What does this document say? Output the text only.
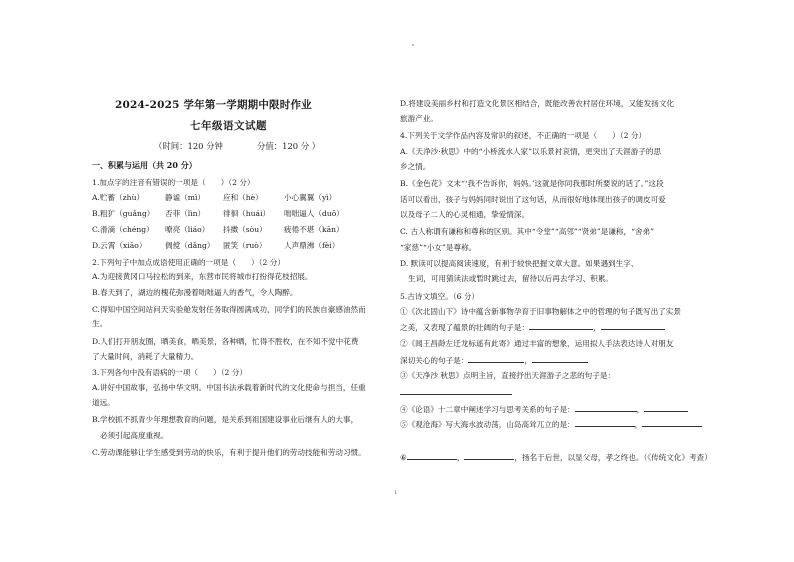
2024-2025 学年第一学期期中限时作业
七年级语文试题
（时间：120 分钟	分值：120 分 ）
一、积累与运用（共 20 分）
1.加点字的注音有错误的一项是（　　）（2 分）
A.贮蓄（zhù）	静谧（mì） 应和（hè）	小心翼翼（yì）
B.粗犷（guǎng） 否菲（lìn） 徘徊（huái） 咄咄逼人（duō）
C.滑滴（chéng） 嘹亮（liáo） 抖擞（sòu） 疲倦不堪（kān）
D.云霄（xiāo） 倜傥（dǎng） 匿笑（ruò） 人声鼎沸（fèi）
2.下列句子中加点成语使用正确的一项是（　　）（2 分）
A.为迎接黄冈口马拉松的到来，东营市民将城市打扮得花枝招展。
B.春天到了，湖边的槐花弥漫着咄咄逼人的香气，令人陶醉。
C.得知中国空间站问天实验舱发射任务取得圆满成功，同学们的民族自豪感油然而
生。
D.人们打开朋友圈，晒美食，晒美景，各种晒，忙得不胜枚，在不知不觉中花费
了大量时间，消耗了大量精力。
3.下列各句中没有语病的一项（　　）（2 分）
A.讲好中国故事，弘扬中华文明。中国书法承载着新时代的文化使命与担当，任重
道远。
B.学校抓不抓青少年理想教育的问题，是关系到祖国建设事业后继有人的大事，
必须引起高度重视。
C.劳动课能够让学生感受到劳动的快乐，有利于提升他们的劳动技能和劳动习惯。
D.将建设美丽乡村和打造文化景区相结合，既能改善农村居住环境，又能发扬文化
旅游产业。
4.下列关于文学作品内容及常识的叙述，不正确的一项是（　　）（2 分）
A.《天净沙·秋思》中的“小桥流水人家”以乐景衬哀情，更突出了天涯游子的思
乡之情。
B.《金色花》文末“‘我不告诉你，妈妈。’这就是你同我那时所要说的话了。”这段
话可以看出，孩子与妈妈同时说出了这句话，从而很好地体现出孩子的调皮可爱
以及母子二人的心灵相通，挚爱情深。
C. 古人称谓有谦称和尊称的区别。其中“令堂”“高邻”“贤弟”是谦称，“舍弟”
“家慈”“小女”是尊称。
D. 默读可以提高阅读速度，有利于较快把握文章大意。如果遇到生字、
生词，可用猜读法或暂时跳过去，留待以后再去学习、积累。
5.古诗文填空。（6 分）
①《次北固山下》诗中蕴含新事物孕育于旧事物解体之中的哲理的句子既写出了实景
之美，又表现了蕴景的壮阔的句子是：	，
②《闻王昌龄左迁龙标遥有此寄》通过丰富的想象，运用拟人手法表达诗人对朋友
深切关心的句子是：	，
③《天净沙 秋思》点明主旨，直接抒出天涯游子之悲的句子是：
④《论语》十二章中阐述学习与思考关系的句子是：	，
⑤《观沧海》写大海水波动荡，山岛高耸兀立的是：	，
⑥	，	，扬名于后世，以显父母，孝之终也。（《传统文化》考查）
1
